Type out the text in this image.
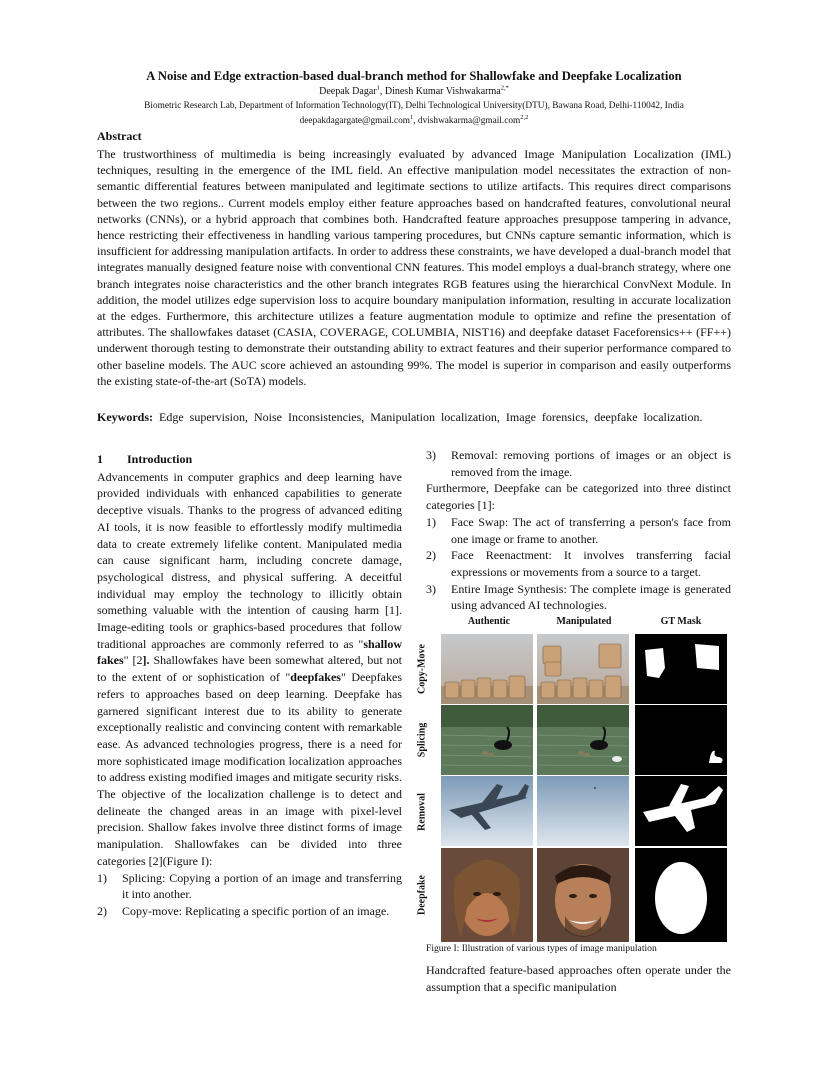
A Noise and Edge extraction-based dual-branch method for Shallowfake and Deepfake Localization
Deepak Dagar$^1$, Dinesh Kumar Vishwakarma$^{2,*}$
Biometric Research Lab, Department of Information Technology(IT), Delhi Technological University(DTU), Bawana Road, Delhi-110042, India
deepakdagargate@gmail.com$^1$, dvishwakarma@gmail.com$^{2,2}$
Abstract
The trustworthiness of multimedia is being increasingly evaluated by advanced Image Manipulation Localization (IML) techniques, resulting in the emergence of the IML field. An effective manipulation model necessitates the extraction of non-semantic differential features between manipulated and legitimate sections to utilize artifacts. This requires direct comparisons between the two regions.. Current models employ either feature approaches based on handcrafted features, convolutional neural networks (CNNs), or a hybrid approach that combines both. Handcrafted feature approaches presuppose tampering in advance, hence restricting their effectiveness in handling various tampering procedures, but CNNs capture semantic information, which is insufficient for addressing manipulation artifacts. In order to address these constraints, we have developed a dual-branch model that integrates manually designed feature noise with conventional CNN features. This model employs a dual-branch strategy, where one branch integrates noise characteristics and the other branch integrates RGB features using the hierarchical ConvNext Module. In addition, the model utilizes edge supervision loss to acquire boundary manipulation information, resulting in accurate localization at the edges. Furthermore, this architecture utilizes a feature augmentation module to optimize and refine the presentation of attributes. The shallowfakes dataset (CASIA, COVERAGE, COLUMBIA, NIST16) and deepfake dataset Faceforensics++ (FF++) underwent thorough testing to demonstrate their outstanding ability to extract features and their superior performance compared to other baseline models. The AUC score achieved an astounding 99%. The model is superior in comparison and easily outperforms the existing state-of-the-art (SoTA) models.
Keywords: Edge supervision, Noise Inconsistencies, Manipulation localization, Image forensics, deepfake localization.
1 Introduction
Advancements in computer graphics and deep learning have provided individuals with enhanced capabilities to generate deceptive visuals. Thanks to the progress of advanced editing AI tools, it is now feasible to effortlessly modify multimedia data to create extremely lifelike content. Manipulated media can cause significant harm, including concrete damage, psychological distress, and physical suffering. A deceitful individual may employ the technology to illicitly obtain something valuable with the intention of causing harm [1]. Image-editing tools or graphics-based procedures that follow traditional approaches are commonly referred to as "shallow fakes" [2]. Shallowfakes have been somewhat altered, but not to the extent of or sophistication of "deepfakes" Deepfakes refers to approaches based on deep learning. Deepfake has garnered significant interest due to its ability to generate exceptionally realistic and convincing content with remarkable ease. As advanced technologies progress, there is a need for more sophisticated image modification localization approaches to address existing modified images and mitigate security risks. The objective of the localization challenge is to detect and delineate the changed areas in an image with pixel-level precision. Shallow fakes involve three distinct forms of image manipulation. Shallowfakes can be divided into three categories [2](Figure I):
1) Splicing: Copying a portion of an image and transferring it into another.
2) Copy-move: Replicating a specific portion of an image.
3) Removal: removing portions of images or an object is removed from the image.
Furthermore, Deepfake can be categorized into three distinct categories [1]:
1) Face Swap: The act of transferring a person's face from one image or frame to another.
2) Face Reenactment: It involves transferring facial expressions or movements from a source to a target.
3) Entire Image Synthesis: The complete image is generated using advanced AI technologies.
Authentic	Manipulated	GT Mask
Copy-Move
Splicing
Removal
Deepfake
Figure I: Illustration of various types of image manipulation
Handcrafted feature-based approaches often operate under the assumption that a specific manipulation
